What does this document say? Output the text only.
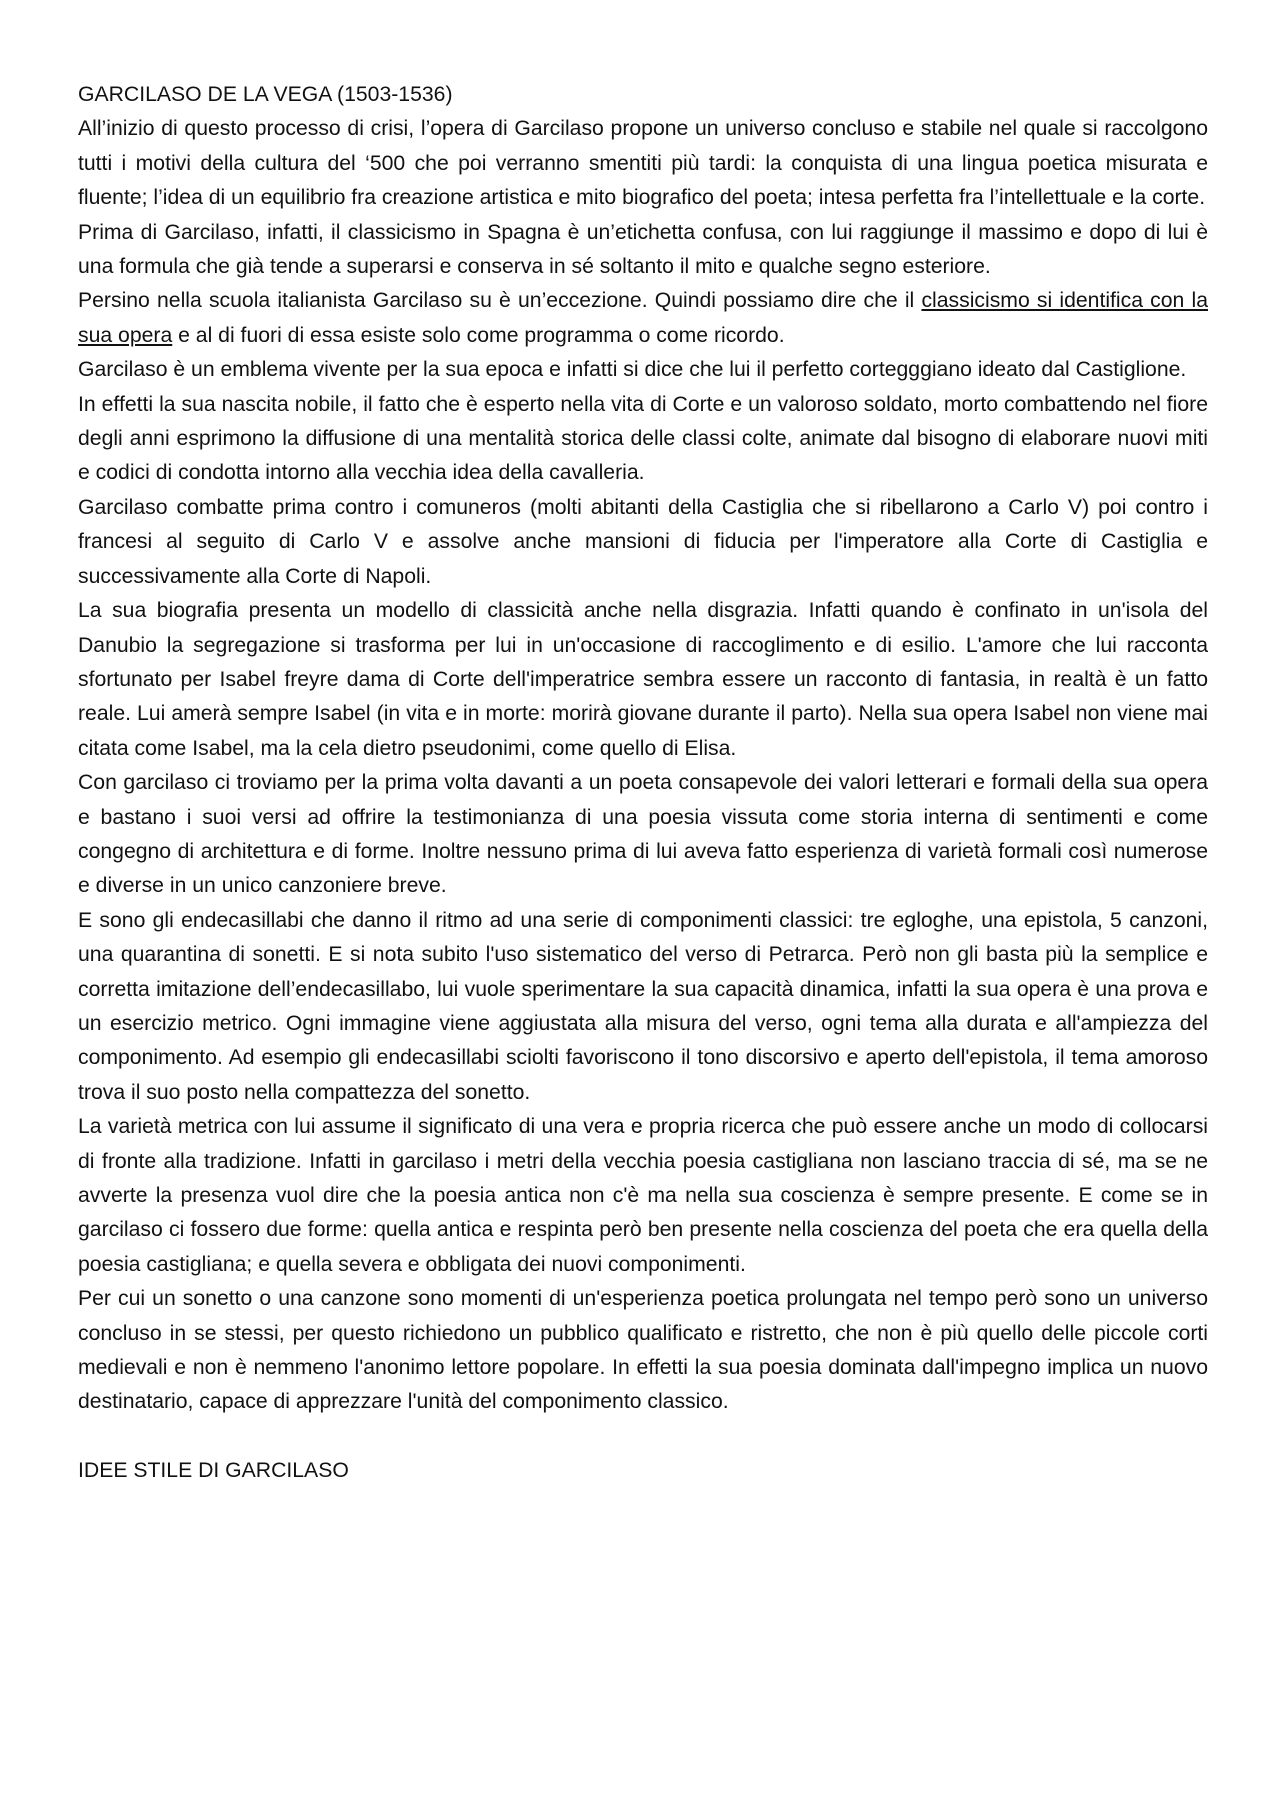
GARCILASO DE LA VEGA (1503-1536)

All’inizio di questo processo di crisi, l’opera di Garcilaso propone un universo concluso e stabile nel quale si raccolgono tutti i motivi della cultura del ‘500 che poi verranno smentiti più tardi: la conquista di una lingua poetica misurata e fluente; l’idea di un equilibrio fra creazione artistica e mito biografico del poeta; intesa perfetta fra l’intellettuale e la corte.

Prima di Garcilaso, infatti, il classicismo in Spagna è un’etichetta confusa, con lui raggiunge il massimo e dopo di lui è una formula che già tende a superarsi e conserva in sé soltanto il mito e qualche segno esteriore.

Persino nella scuola italianista Garcilaso su è un’eccezione. Quindi possiamo dire che il classicismo si identifica con la sua opera e al di fuori di essa esiste solo come programma o come ricordo.

Garcilaso è un emblema vivente per la sua epoca e infatti si dice che lui il perfetto cortegggiano ideato dal Castiglione.

In effetti la sua nascita nobile, il fatto che è esperto nella vita di Corte e un valoroso soldato, morto combattendo nel fiore degli anni esprimono la diffusione di una mentalità storica delle classi colte, animate dal bisogno di elaborare nuovi miti e codici di condotta intorno alla vecchia idea della cavalleria.

Garcilaso combatte prima contro i comuneros (molti abitanti della Castiglia che si ribellarono a Carlo V) poi contro i francesi al seguito di Carlo V e assolve anche mansioni di fiducia per l'imperatore alla Corte di Castiglia e successivamente alla Corte di Napoli.

La sua biografia presenta un modello di classicità anche nella disgrazia. Infatti quando è confinato in un'isola del Danubio la segregazione si trasforma per lui in un'occasione di raccoglimento e di esilio. L'amore che lui racconta sfortunato per Isabel freyre dama di Corte dell'imperatrice sembra essere un racconto di fantasia, in realtà è un fatto reale. Lui amerà sempre Isabel (in vita e in morte: morirà giovane durante il parto). Nella sua opera Isabel non viene mai citata come Isabel, ma la cela dietro pseudonimi, come quello di Elisa.

Con garcilaso ci troviamo per la prima volta davanti a un poeta consapevole dei valori letterari e formali della sua opera e bastano i suoi versi ad offrire la testimonianza di una poesia vissuta come storia interna di sentimenti e come congegno di architettura e di forme. Inoltre nessuno prima di lui aveva fatto esperienza di varietà formali così numerose e diverse in un unico canzoniere breve.

E sono gli endecasillabi che danno il ritmo ad una serie di componimenti classici: tre egloghe, una epistola, 5 canzoni, una quarantina di sonetti. E si nota subito l'uso sistematico del verso di Petrarca. Però non gli basta più la semplice e corretta imitazione dell’endecasillabo, lui vuole sperimentare la sua capacità dinamica, infatti la sua opera è una prova e un esercizio metrico. Ogni immagine viene aggiustata alla misura del verso, ogni tema alla durata e all'ampiezza del componimento. Ad esempio gli endecasillabi sciolti favoriscono il tono discorsivo e aperto dell'epistola, il tema amoroso trova il suo posto nella compattezza del sonetto.

La varietà metrica con lui assume il significato di una vera e propria ricerca che può essere anche un modo di collocarsi di fronte alla tradizione. Infatti in garcilaso i metri della vecchia poesia castigliana non lasciano traccia di sé, ma se ne avverte la presenza vuol dire che la poesia antica non c'è ma nella sua coscienza è sempre presente. E come se in garcilaso ci fossero due forme: quella antica e respinta però ben presente nella coscienza del poeta che era quella della poesia castigliana; e quella severa e obbligata dei nuovi componimenti.

Per cui un sonetto o una canzone sono momenti di un'esperienza poetica prolungata nel tempo però sono un universo concluso in se stessi, per questo richiedono un pubblico qualificato e ristretto, che non è più quello delle piccole corti medievali e non è nemmeno l'anonimo lettore popolare. In effetti la sua poesia dominata dall'impegno implica un nuovo destinatario, capace di apprezzare l'unità del componimento classico.

IDEE STILE DI GARCILASO
